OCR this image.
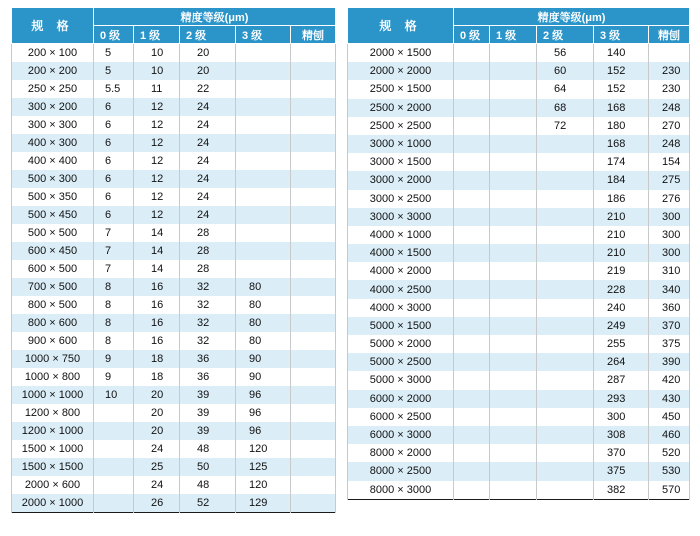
规 格	精度等级(μm)				
	0 级	1 级	2 级	3 级	精刨
200 × 100	5	10	20		
200 × 200	5	10	20		
250 × 250	5.5	11	22		
300 × 200	6	12	24		
300 × 300	6	12	24		
400 × 300	6	12	24		
400 × 400	6	12	24		
500 × 300	6	12	24		
500 × 350	6	12	24		
500 × 450	6	12	24		
500 × 500	7	14	28		
600 × 450	7	14	28		
600 × 500	7	14	28		
700 × 500	8	16	32	80	
800 × 500	8	16	32	80	
800 × 600	8	16	32	80	
900 × 600	8	16	32	80	
1000 × 750	9	18	36	90	
1000 × 800	9	18	36	90	
1000 × 1000	10	20	39	96	
1200 × 800		20	39	96	
1200 × 1000		20	39	96	
1500 × 1000		24	48	120	
1500 × 1500		25	50	125	
2000 × 600		24	48	120	
2000 × 1000		26	52	129	
规 格	精度等级(μm)				
	0 级	1 级	2 级	3 级	精刨
2000 × 1500			56	140	
2000 × 2000			60	152	230
2500 × 1500			64	152	230
2500 × 2000			68	168	248
2500 × 2500			72	180	270
3000 × 1000				168	248
3000 × 1500				174	154
3000 × 2000				184	275
3000 × 2500				186	276
3000 × 3000				210	300
4000 × 1000				210	300
4000 × 1500				210	300
4000 × 2000				219	310
4000 × 2500				228	340
4000 × 3000				240	360
5000 × 1500				249	370
5000 × 2000				255	375
5000 × 2500				264	390
5000 × 3000				287	420
6000 × 2000				293	430
6000 × 2500				300	450
6000 × 3000				308	460
8000 × 2000				370	520
8000 × 2500				375	530
8000 × 3000				382	570
